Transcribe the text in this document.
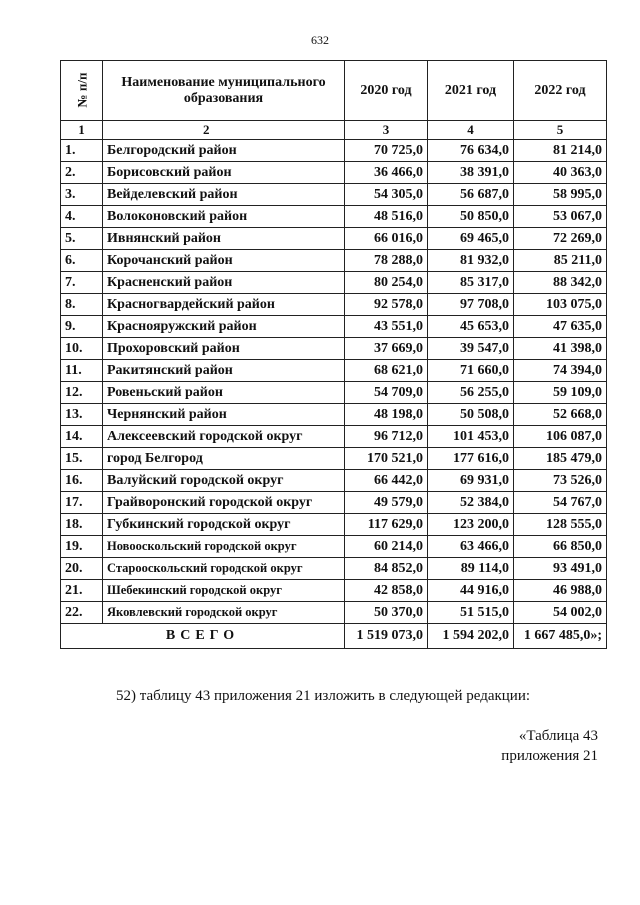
632
№ п/п	Наименование муниципального образования	2020 год	2021 год	2022 год
1	2	3	4	5
1.	Белгородский район	70 725,0	76 634,0	81 214,0
2.	Борисовский район	36 466,0	38 391,0	40 363,0
3.	Вейделевский район	54 305,0	56 687,0	58 995,0
4.	Волоконовский район	48 516,0	50 850,0	53 067,0
5.	Ивнянский район	66 016,0	69 465,0	72 269,0
6.	Корочанский район	78 288,0	81 932,0	85 211,0
7.	Красненский район	80 254,0	85 317,0	88 342,0
8.	Красногвардейский район	92 578,0	97 708,0	103 075,0
9.	Краснояружский район	43 551,0	45 653,0	47 635,0
10.	Прохоровский район	37 669,0	39 547,0	41 398,0
11.	Ракитянский район	68 621,0	71 660,0	74 394,0
12.	Ровеньский район	54 709,0	56 255,0	59 109,0
13.	Чернянский район	48 198,0	50 508,0	52 668,0
14.	Алексеевский городской округ	96 712,0	101 453,0	106 087,0
15.	город Белгород	170 521,0	177 616,0	185 479,0
16.	Валуйский городской округ	66 442,0	69 931,0	73 526,0
17.	Грайворонский городской округ	49 579,0	52 384,0	54 767,0
18.	Губкинский городской округ	117 629,0	123 200,0	128 555,0
19.	Новооскольский городской округ	60 214,0	63 466,0	66 850,0
20.	Старооскольский городской округ	84 852,0	89 114,0	93 491,0
21.	Шебекинский городской округ	42 858,0	44 916,0	46 988,0
22.	Яковлевский городской округ	50 370,0	51 515,0	54 002,0
ВСЕГО		1 519 073,0	1 594 202,0	1 667 485,0»;
52) таблицу 43 приложения 21 изложить в следующей редакции:
«Таблица 43
приложения 21
